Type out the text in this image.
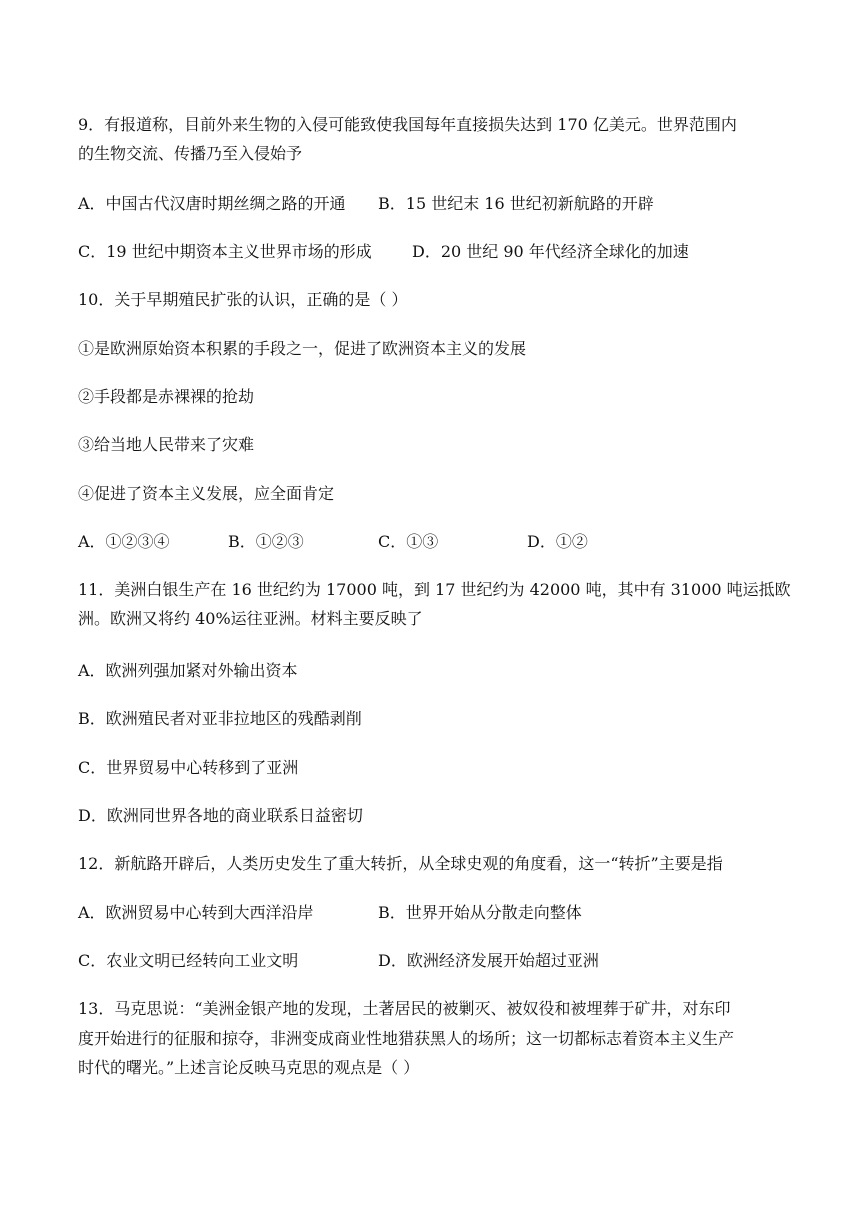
9．有报道称，目前外来生物的入侵可能致使我国每年直接损失达到 170 亿美元。世界范围内
的生物交流、传播乃至入侵始予
A．中国古代汉唐时期丝绸之路的开通 B．15 世纪末 16 世纪初新航路的开辟
C．19 世纪中期资本主义世界市场的形成	D．20 世纪 90 年代经济全球化的加速
10．关于早期殖民扩张的认识，正确的是（ ）
①是欧洲原始资本积累的手段之一，促进了欧洲资本主义的发展
②手段都是赤裸裸的抢劫
③给当地人民带来了灾难
④促进了资本主义发展，应全面肯定
A．①②③④	B．①②③	C．①③	D．①②
11．美洲白银生产在 16 世纪约为 17000 吨，到 17 世纪约为 42000 吨，其中有 31000 吨运抵欧
洲。欧洲又将约 40%运往亚洲。材料主要反映了
A．欧洲列强加紧对外输出资本
B．欧洲殖民者对亚非拉地区的残酷剥削
C．世界贸易中心转移到了亚洲
D．欧洲同世界各地的商业联系日益密切
12．新航路开辟后，人类历史发生了重大转折，从全球史观的角度看，这一“转折”主要是指
A．欧洲贸易中心转到大西洋沿岸	B．世界开始从分散走向整体
C．农业文明已经转向工业文明	D．欧洲经济发展开始超过亚洲
13．马克思说：“美洲金银产地的发现，土著居民的被剿灭、被奴役和被埋葬于矿井，对东印
度开始进行的征服和掠夺，非洲变成商业性地猎获黑人的场所；这一切都标志着资本主义生产
时代的曙光。”上述言论反映马克思的观点是（ ）
